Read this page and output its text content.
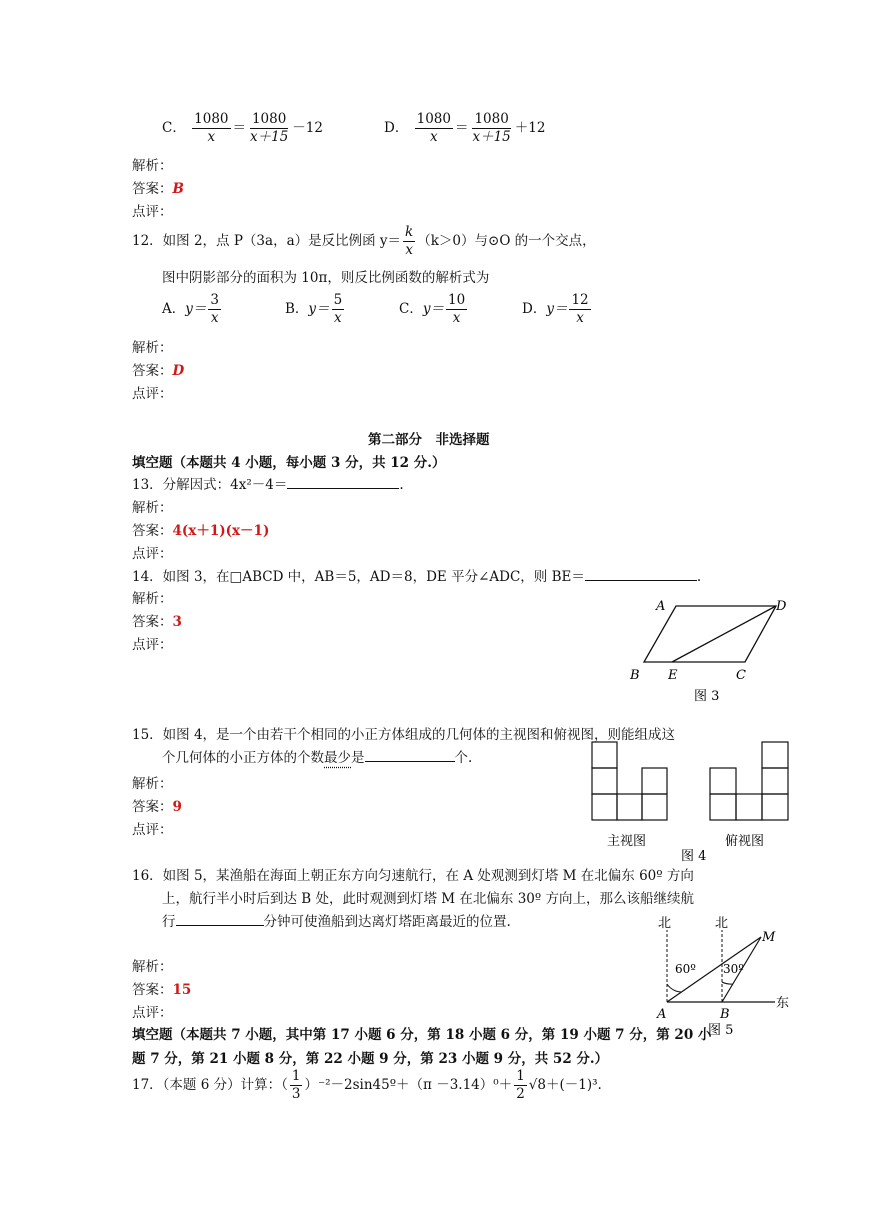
C． $\frac{1080}{x} = \frac{1080}{x+15} -12$	D． $\frac{1080}{x} = \frac{1080}{x+15} +12$
解析：
答案：B
点评：
12．如图 2，点 P（3a，a）是反比例函 $y= \frac{k}{x} (k>0)$与⊙O 的一个交点，
图中阴影部分的面积为 10π，则反比例函数的解析式为
A．$y= \frac{3}{x}$	B．$y= \frac{5}{x}$	C．$y= \frac{10}{x}$	D．$y= \frac{12}{x}$
解析：
答案：D
点评：
第二部分　非选择题
填空题（本题共 4 小题，每小题 3 分，共 12 分.）
13．分解因式：4x²－4＝	.
解析：
答案：4(x＋1)(x－1)
点评：
14．如图 3，在□ABCD 中，AB＝5，AD＝8，DE 平分∠ADC，则 BE＝	.
解析：
答案：3
点评：
A	D
B E	C
图 3
15．如图 4，是一个由若干个相同的小正方体组成的几何体的主视图和俯视图，则能组成这
个几何体的小正方体的个数最少是	个.
解析：
答案：9
点评：
主视图	俯视图
图 4
16．如图 5，某渔船在海面上朝正东方向匀速航行，在 A 处观测到灯塔 M 在北偏东 60º 方向
上，航行半小时后到达 B 处，此时观测到灯塔 M 在北偏东 30º 方向上，那么该船继续航
行	分钟可使渔船到达离灯塔距离最近的位置.
解析：
答案：15
点评：
北	北
M
60º 30º
A	B
东
图 5
填空题（本题共 7 小题，其中第 17 小题 6 分，第 18 小题 6 分，第 19 小题 7 分，第 20 小
题 7 分，第 21 小题 8 分，第 22 小题 9 分，第 23 小题 9 分，共 52 分.）
17．（本题 6 分）计算：（ $\frac{1}{3}$ ）⁻²－2sin45º＋（π $-3.14)^0+ \frac{1}{2} √8+(-1)^3$.
